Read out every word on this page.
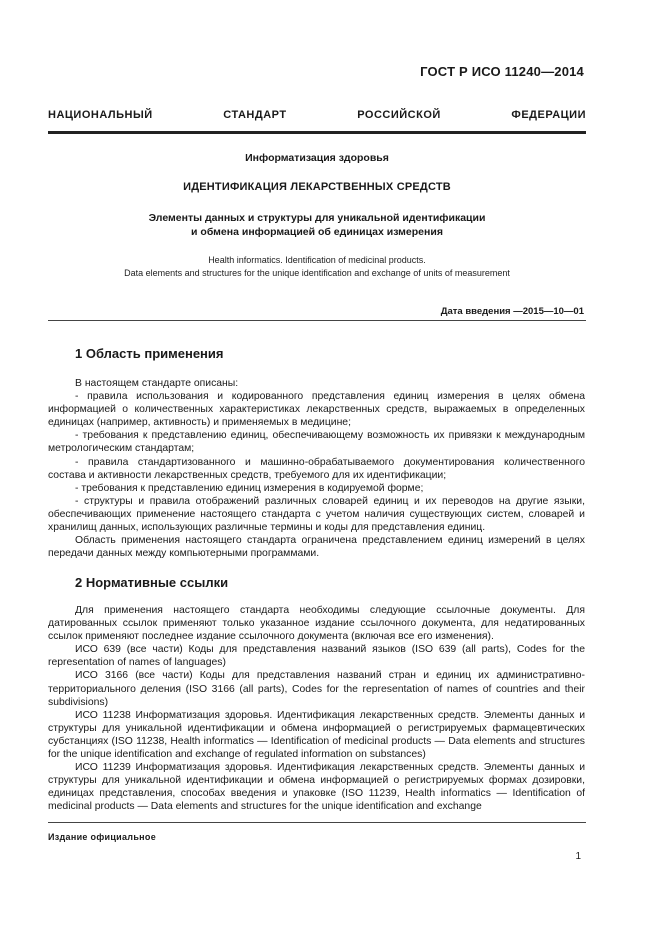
ГОСТ Р ИСО 11240—2014
НАЦИОНАЛЬНЫЙ СТАНДАРТ РОССИЙСКОЙ ФЕДЕРАЦИИ
Информатизация здоровья
ИДЕНТИФИКАЦИЯ ЛЕКАРСТВЕННЫХ СРЕДСТВ
Элементы данных и структуры для уникальной идентификации
и обмена информацией об единицах измерения
Health informatics. Identification of medicinal products.
Data elements and structures for the unique identification and exchange of units of measurement
Дата введения —2015—10—01
1 Область применения

В настоящем стандарте описаны:

- правила использования и кодированного представления единиц измерения в целях обмена информацией о количественных характеристиках лекарственных средств, выражаемых в определенных единицах (например, активность) и применяемых в медицине;

- требования к представлению единиц, обеспечивающему возможность их привязки к международным метрологическим стандартам;

- правила стандартизованного и машинно-обрабатываемого документирования количественного состава и активности лекарственных средств, требуемого для их идентификации;

- требования к представлению единиц измерения в кодируемой форме;

- структуры и правила отображений различных словарей единиц и их переводов на другие языки, обеспечивающих применение настоящего стандарта с учетом наличия существующих систем, словарей и хранилищ данных, использующих различные термины и коды для представления единиц.

Область применения настоящего стандарта ограничена представлением единиц измерений в целях передачи данных между компьютерными программами.

2 Нормативные ссылки

Для применения настоящего стандарта необходимы следующие ссылочные документы. Для датированных ссылок применяют только указанное издание ссылочного документа, для недатированных ссылок применяют последнее издание ссылочного документа (включая все его изменения).

ИСО 639 (все части) Коды для представления названий языков (ISO 639 (all parts), Codes for the representation of names of languages)

ИСО 3166 (все части) Коды для представления названий стран и единиц их административно-территориального деления (ISO 3166 (all parts), Codes for the representation of names of countries and their subdivisions)

ИСО 11238 Информатизация здоровья. Идентификация лекарственных средств. Элементы данных и структуры для уникальной идентификации и обмена информацией о регистрируемых фармацевтических субстанциях (ISO 11238, Health informatics — Identification of medicinal products — Data elements and structures for the unique identification and exchange of regulated information on substances)

ИСО 11239 Информатизация здоровья. Идентификация лекарственных средств. Элементы данных и структуры для уникальной идентификации и обмена информацией о регистрируемых формах дозировки, единицах представления, способах введения и упаковке (ISO 11239, Health informatics — Identification of medicinal products — Data elements and structures for the unique identification and exchange

Издание официальное
1
